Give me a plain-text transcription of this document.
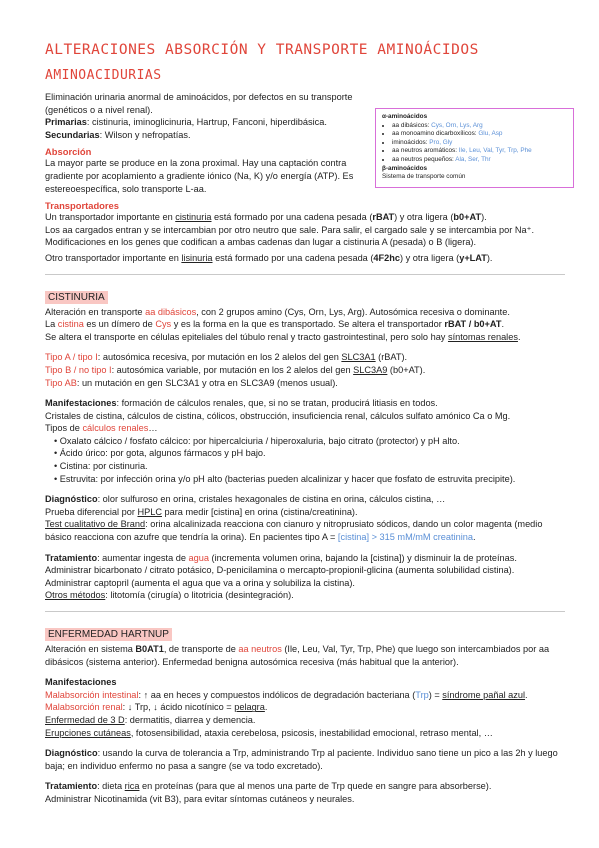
ALTERACIONES ABSORCIÓN Y TRANSPORTE AMINOÁCIDOS
AMINOACIDURIAS
α-aminoácidos
• aa dibásicos: Cys, Orn, Lys, Arg
• aa monoamino dicarboxílicos: Glu, Asp
• iminoácidos: Pro, Gly
• aa neutros aromáticos: Ile, Leu, Val, Tyr, Trp, Phe
• aa neutros pequeños: Ala, Ser, Thr
β-aminoácidos
Sistema de transporte común

Eliminación urinaria anormal de aminoácidos, por defectos en su transporte (genéticos o a nivel renal).

Primarias: cistinuria, iminoglicinuria, Hartrup, Fanconi, hiperdibásica.

Secundarias: Wilson y nefropatías.

Absorción

La mayor parte se produce en la zona proximal. Hay una captación contra gradiente por acoplamiento a gradiente iónico (Na, K) y/o energía (ATP). Es estereoespecífica, solo transporte L-aa.

Transportadores

Un transportador importante en cistinuria está formado por una cadena pesada (rBAT) y otra ligera (b0+AT).

Los aa cargados entran y se intercambian por otro neutro que sale. Para salir, el cargado sale y se intercambia por Na⁺.

Modificaciones en los genes que codifican a ambas cadenas dan lugar a cistinuria A (pesada) o B (ligera).

Otro transportador importante en lisinuria está formado por una cadena pesada (4F2hc) y otra ligera (y+LAT).

CISTINURIA

Alteración en transporte aa dibásicos, con 2 grupos amino (Cys, Orn, Lys, Arg). Autosómica recesiva o dominante.

La cistina es un dímero de Cys y es la forma en la que es transportado. Se altera el transportador rBAT / b0+AT.

Se altera el transporte en células epiteliales del túbulo renal y tracto gastrointestinal, pero solo hay síntomas renales.

Tipo A / tipo I: autosómica recesiva, por mutación en los 2 alelos del gen SLC3A1 (rBAT).

Tipo B / no tipo I: autosómica variable, por mutación en los 2 alelos del gen SLC3A9 (b0+AT).

Tipo AB: un mutación en gen SLC3A1 y otra en SLC3A9 (menos usual).

Manifestaciones: formación de cálculos renales, que, si no se tratan, producirá litiasis en todos.

Cristales de cistina, cálculos de cistina, cólicos, obstrucción, insuficiencia renal, cálculos sulfato amónico Ca o Mg.

Tipos de cálculos renales…

• Oxalato cálcico / fosfato cálcico: por hipercalciuria / hiperoxaluria, bajo citrato (protector) y pH alto.
• Ácido úrico: por gota, algunos fármacos y pH bajo.
• Cistina: por cistinuria.
• Estruvita: por infección orina y/o pH alto (bacterias pueden alcalinizar y hacer que fosfato de estruvita precipite).

Diagnóstico: olor sulfuroso en orina, cristales hexagonales de cistina en orina, cálculos cistina, …

Prueba diferencial por HPLC para medir [cistina] en orina (cistina/creatinina).

Test cualitativo de Brand: orina alcalinizada reacciona con cianuro y nitroprusiato sódicos, dando un color magenta (medio básico reacciona con azufre que tendría la orina). En pacientes tipo A = [cistina] > 315 mM/mM creatinina.

Tratamiento: aumentar ingesta de agua (incrementa volumen orina, bajando la [cistina]) y disminuir la de proteínas.

Administrar bicarbonato / citrato potásico, D-penicilamina o mercapto-propionil-glicina (aumenta solubilidad cistina).

Administrar captopril (aumenta el agua que va a orina y solubiliza la cistina).

Otros métodos: litotomía (cirugía) o litotricia (desintegración).

ENFERMEDAD HARTNUP

Alteración en sistema B0AT1, de transporte de aa neutros (Ile, Leu, Val, Tyr, Trp, Phe) que luego son intercambiados por aa dibásicos (sistema anterior). Enfermedad benigna autosómica recesiva (más habitual que la anterior).

Manifestaciones

Malabsorción intestinal: ↑ aa en heces y compuestos indólicos de degradación bacteriana (Trp) = síndrome pañal azul.

Malabsorción renal: ↓ Trp, ↓ ácido nicotínico = pelagra.

Enfermedad de 3 D: dermatitis, diarrea y demencia.

Erupciones cutáneas, fotosensibilidad, ataxia cerebelosa, psicosis, inestabilidad emocional, retraso mental, …

Diagnóstico: usando la curva de tolerancia a Trp, administrando Trp al paciente. Individuo sano tiene un pico a las 2h y luego baja; en individuo enfermo no pasa a sangre (se va todo excretado).

Tratamiento: dieta rica en proteínas (para que al menos una parte de Trp quede en sangre para absorberse).

Administrar Nicotinamida (vit B3), para evitar síntomas cutáneos y neurales.
